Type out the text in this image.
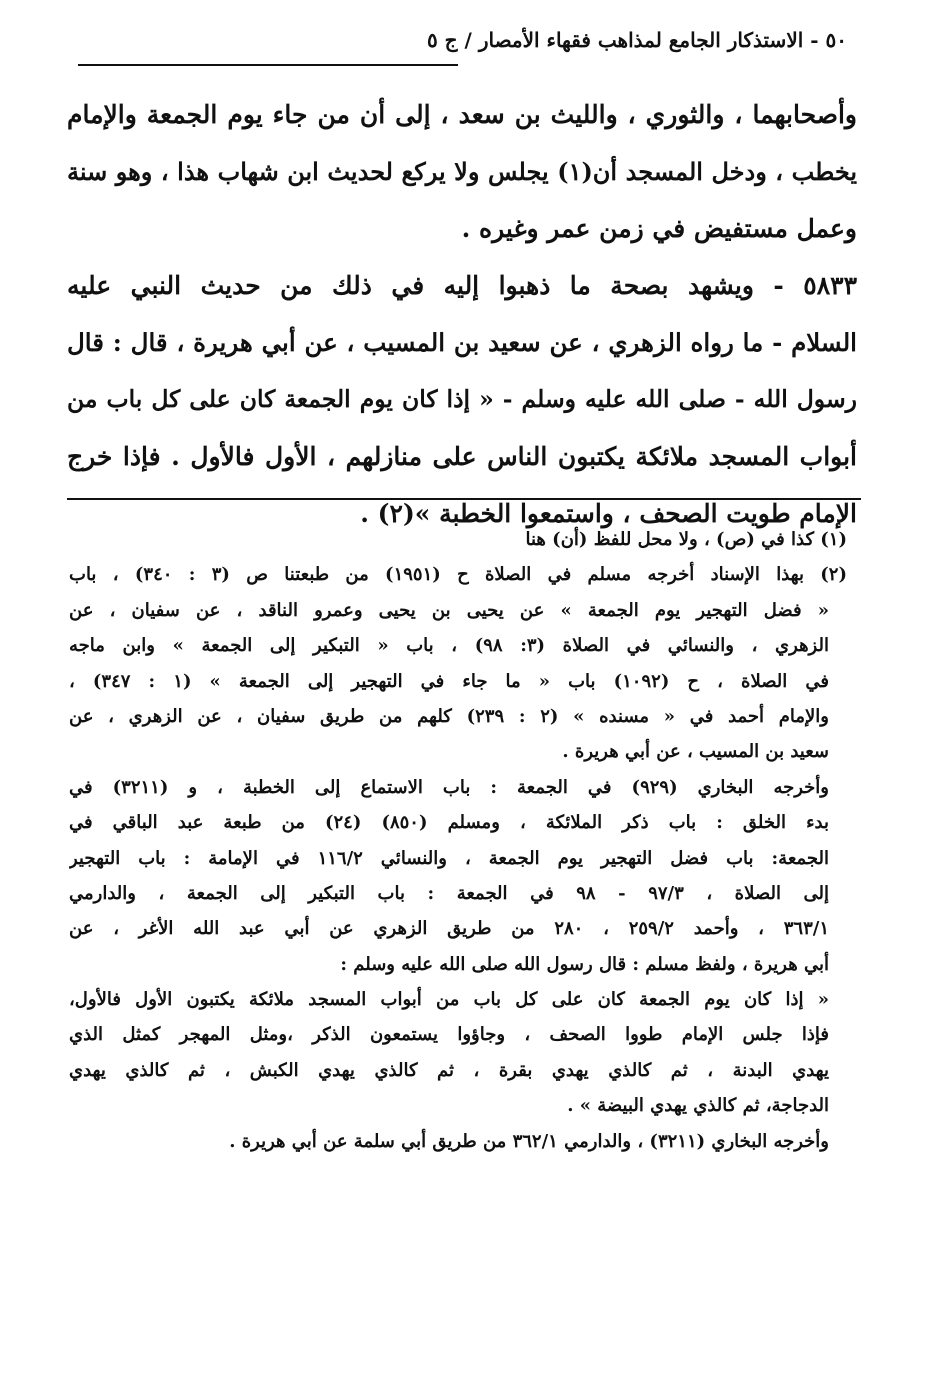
٥٠ - الاستذكار الجامع لمذاهب فقهاء الأمصار / ج ٥
وأصحابهما ، والثوري ، والليث بن سعد ، إلى أن من جاء يوم الجمعة والإمام
يخطب ، ودخل المسجد أن(١) يجلس ولا يركع لحديث ابن شهاب هذا ، وهو سنة
وعمل مستفيض في زمن عمر وغيره .
٥٨٣٣ - ويشهد بصحة ما ذهبوا إليه في ذلك من حديث النبي عليه
السلام - ما رواه الزهري ، عن سعيد بن المسيب ، عن أبي هريرة ، قال : قال
رسول الله - صلى الله عليه وسلم - « إذا كان يوم الجمعة كان على كل باب من
أبواب المسجد ملائكة يكتبون الناس على منازلهم ، الأول فالأول . فإذا خرج
الإمام طويت الصحف ، واستمعوا الخطبة »(٢) .
(١) كذا في (ص) ، ولا محل للفظ (أن) هنا
(٢) بهذا الإسناد أخرجه مسلم في الصلاة ح (١٩٥١) من طبعتنا ص (٣ : ٣٤٠) ، باب
« فضل التهجير يوم الجمعة » عن يحيى بن يحيى وعمرو الناقد ، عن سفيان ، عن
الزهري ، والنسائي في الصلاة (٣: ٩٨) ، باب « التبكير إلى الجمعة » وابن ماجه
في الصلاة ، ح (١٠٩٢) باب « ما جاء في التهجير إلى الجمعة » (١ : ٣٤٧) ،
والإمام أحمد في « مسنده » (٢ : ٢٣٩) كلهم من طريق سفيان ، عن الزهري ، عن
سعيد بن المسيب ، عن أبي هريرة .
وأخرجه البخاري (٩٢٩) في الجمعة : باب الاستماع إلى الخطبة ، و (٣٢١١) في
بدء الخلق : باب ذكر الملائكة ، ومسلم (٨٥٠) (٢٤) من طبعة عبد الباقي في
الجمعة: باب فضل التهجير يوم الجمعة ، والنسائي ١١٦/٢ في الإمامة : باب التهجير
إلى الصلاة ، ٩٧/٣ - ٩٨ في الجمعة : باب التبكير إلى الجمعة ، والدارمي
٣٦٣/١ ، وأحمد ٢٥٩/٢ ، ٢٨٠ من طريق الزهري عن أبي عبد الله الأغر ، عن
أبي هريرة ، ولفظ مسلم : قال رسول الله صلى الله عليه وسلم :
« إذا كان يوم الجمعة كان على كل باب من أبواب المسجد ملائكة يكتبون الأول فالأول،
فإذا جلس الإمام طووا الصحف ، وجاؤوا يستمعون الذكر ،ومثل المهجر كمثل الذي
يهدي البدنة ، ثم كالذي يهدي بقرة ، ثم كالذي يهدي الكبش ، ثم كالذي يهدي
الدجاجة، ثم كالذي يهدي البيضة » .
وأخرجه البخاري (٣٢١١) ، والدارمي ٣٦٢/١ من طريق أبي سلمة عن أبي هريرة .
